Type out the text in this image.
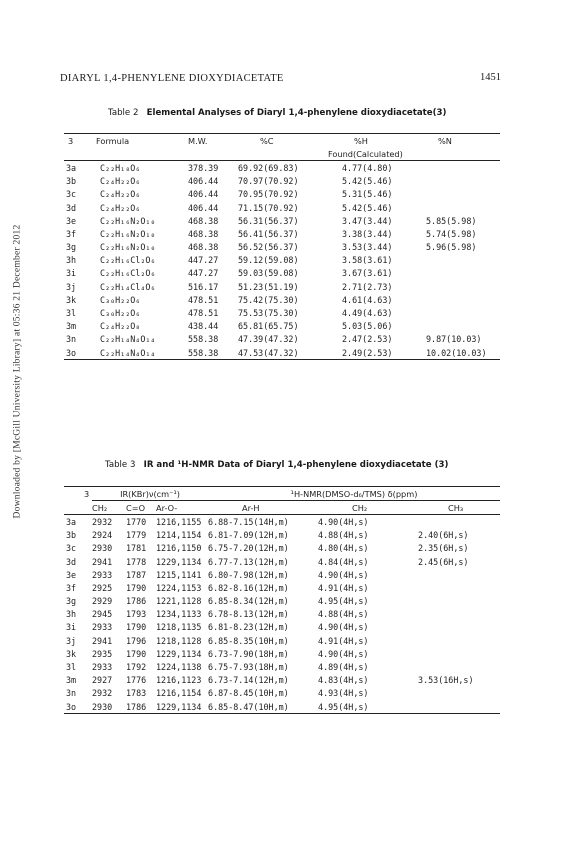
Downloaded by [McGill University Library] at 05:36 21 December 2012
DIARYL 1,4-PHENYLENE DIOXYDIACETATE	1451
Table 2 Elemental Analyses of Diaryl 1,4-phenylene dioxydiacetate(3)
3	Formula	M.W.	%C	%H	%N
				Found(Calculated)	
3a	C₂₂H₁₈O₆	378.39	69.92(69.83)	4.77(4.80)	
3b	C₂₄H₂₂O₆	406.44	70.97(70.92)	5.42(5.46)	
3c	C₂₄H₂₂O₆	406.44	70.95(70.92)	5.31(5.46)	
3d	C₂₄H₂₂O₆	406.44	71.15(70.92)	5.42(5.46)	
3e	C₂₂H₁₆N₂O₁₀	468.38	56.31(56.37)	3.47(3.44)	5.85(5.98)
3f	C₂₂H₁₆N₂O₁₀	468.38	56.41(56.37)	3.38(3.44)	5.74(5.98)
3g	C₂₂H₁₆N₂O₁₀	468.38	56.52(56.37)	3.53(3.44)	5.96(5.98)
3h	C₂₂H₁₆Cl₂O₆	447.27	59.12(59.08)	3.58(3.61)	
3i	C₂₂H₁₆Cl₂O₆	447.27	59.03(59.08)	3.67(3.61)	
3j	C₂₂H₁₄Cl₄O₆	516.17	51.23(51.19)	2.71(2.73)	
3k	C₃₀H₂₂O₆	478.51	75.42(75.30)	4.61(4.63)	
3l	C₃₀H₂₂O₆	478.51	75.53(75.30)	4.49(4.63)	
3m	C₂₄H₂₂O₈	438.44	65.81(65.75)	5.03(5.06)	
3n	C₂₂H₁₄N₄O₁₄	558.38	47.39(47.32)	2.47(2.53)	9.87(10.03)
3o	C₂₂H₁₄N₄O₁₄	558.38	47.53(47.32)	2.49(2.53)	10.02(10.03)
Table 3 IR and ¹H-NMR Data of Diaryl 1,4-phenylene dioxydiacetate (3)
3	IR(KBr)ν(cm⁻¹)			¹H-NMR(DMSO-d₆/TMS) δ(ppm)		
	CH₂	C=O	Ar-O-	Ar-H	CH₂	CH₃
3a	2932	1770	1216,1155	6.88-7.15(14H,m)	4.90(4H,s)	
3b	2924	1779	1214,1154	6.81-7.09(12H,m)	4.88(4H,s)	2.40(6H,s)
3c	2930	1781	1216,1150	6.75-7.20(12H,m)	4.80(4H,s)	2.35(6H,s)
3d	2941	1778	1229,1134	6.77-7.13(12H,m)	4.84(4H,s)	2.45(6H,s)
3e	2933	1787	1215,1141	6.80-7.98(12H,m)	4.90(4H,s)	
3f	2925	1790	1224,1153	6.82-8.16(12H,m)	4.91(4H,s)	
3g	2929	1786	1221,1128	6.85-8.34(12H,m)	4.95(4H,s)	
3h	2945	1793	1234,1133	6.78-8.13(12H,m)	4.88(4H,s)	
3i	2933	1790	1218,1135	6.81-8.23(12H,m)	4.90(4H,s)	
3j	2941	1796	1218,1128	6.85-8.35(10H,m)	4.91(4H,s)	
3k	2935	1790	1229,1134	6.73-7.90(18H,m)	4.90(4H,s)	
3l	2933	1792	1224,1138	6.75-7.93(18H,m)	4.89(4H,s)	
3m	2927	1776	1216,1123	6.73-7.14(12H,m)	4.83(4H,s)	3.53(16H,s)
3n	2932	1783	1216,1154	6.87-8.45(10H,m)	4.93(4H,s)	
3o	2930	1786	1229,1134	6.85-8.47(10H,m)	4.95(4H,s)	
